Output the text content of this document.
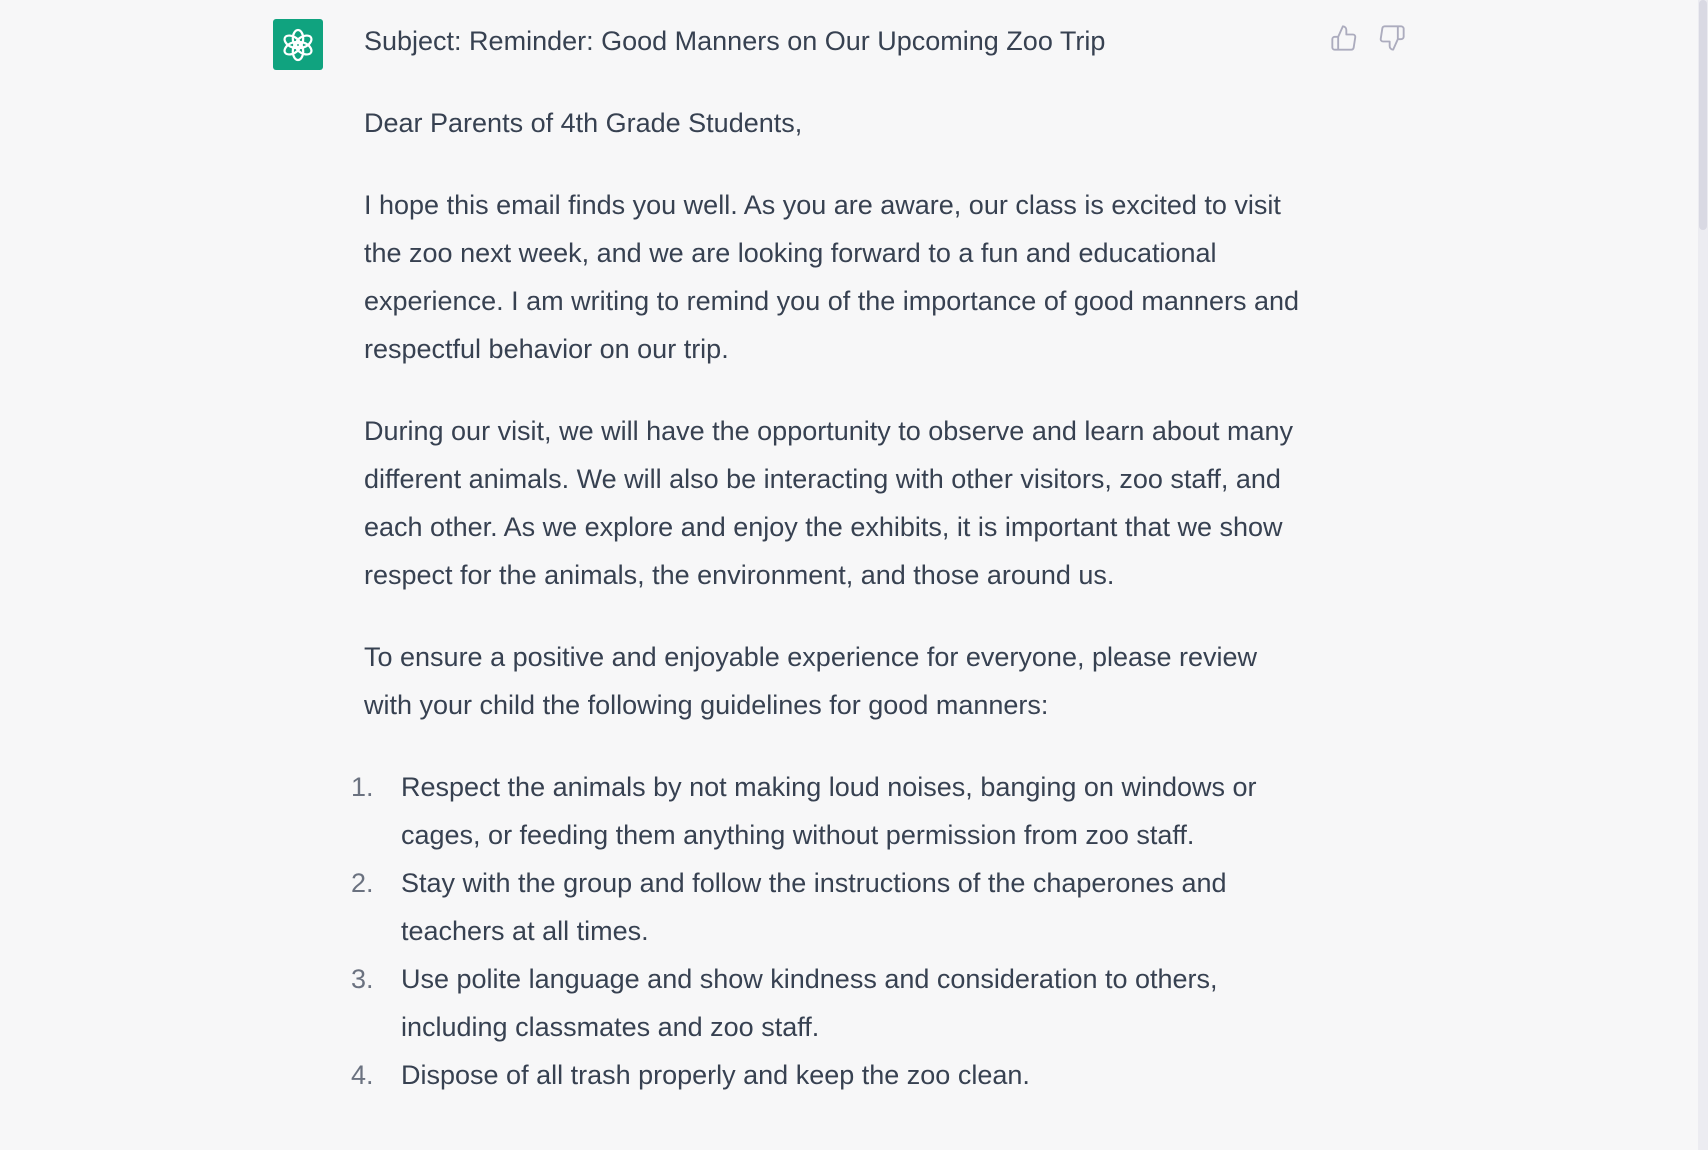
Subject: Reminder: Good Manners on Our Upcoming Zoo Trip

Dear Parents of 4th Grade Students,

I hope this email finds you well. As you are aware, our class is excited to visit the zoo next week, and we are looking forward to a fun and educational experience. I am writing to remind you of the importance of good manners and respectful behavior on our trip.

During our visit, we will have the opportunity to observe and learn about many different animals. We will also be interacting with other visitors, zoo staff, and each other. As we explore and enjoy the exhibits, it is important that we show respect for the animals, the environment, and those around us.

To ensure a positive and enjoyable experience for everyone, please review with your child the following guidelines for good manners:

1. Respect the animals by not making loud noises, banging on windows or cages, or feeding them anything without permission from zoo staff.
2. Stay with the group and follow the instructions of the chaperones and teachers at all times.
3. Use polite language and show kindness and consideration to others, including classmates and zoo staff.
4. Dispose of all trash properly and keep the zoo clean.
